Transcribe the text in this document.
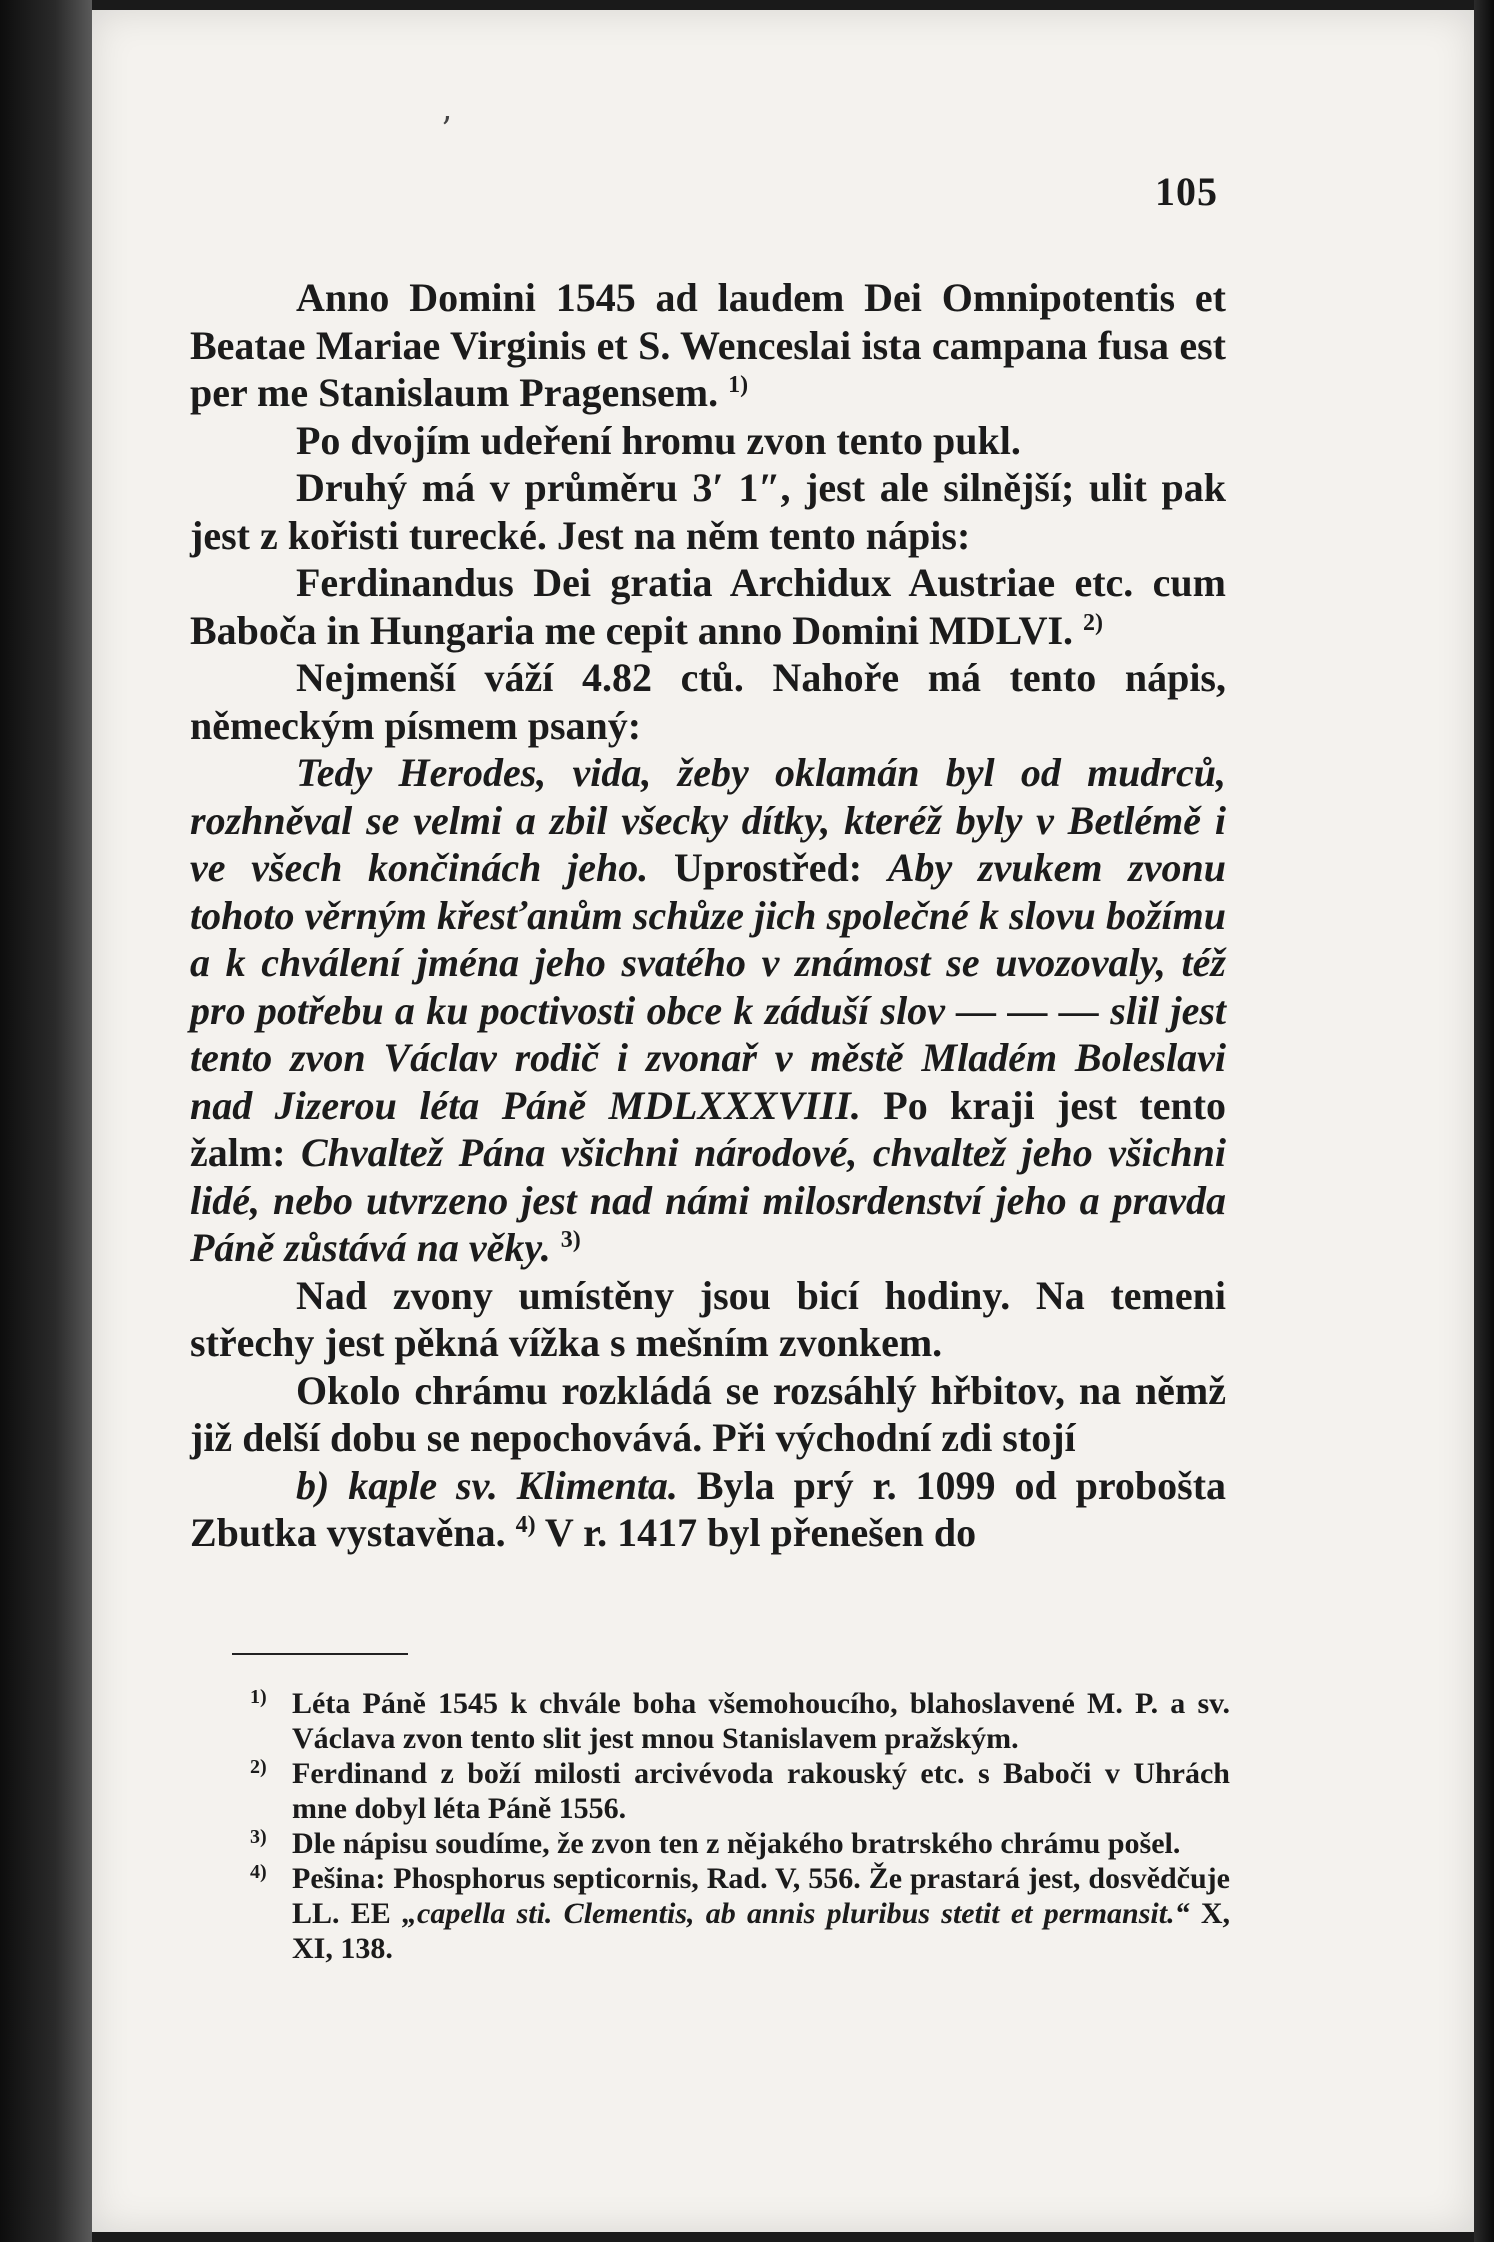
ʼ
105

Anno Domini 1545 ad laudem Dei Omnipotentis et Beatae Mariae Virginis et S. Wenceslai ista campana fusa est per me Stanislaum Pragensem. $^{1)}$

Po dvojím udeření hromu zvon tento pukl.

Druhý má v průměru 3′ 1″, jest ale silnější; ulit pak jest z kořisti turecké. Jest na něm tento nápis:

Ferdinandus Dei gratia Archidux Austriae etc. cum Baboča in Hungaria me cepit anno Domini MDLVI. $^{2)}$

Nejmenší váží 4.82 ctů. Nahoře má tento nápis, německým písmem psaný:

Tedy Herodes, vida, žeby oklamán byl od mudrců, rozhněval se velmi a zbil všecky dítky, kteréž byly v Betlémě i ve všech končinách jeho. Uprostřed: Aby zvukem zvonu tohoto věrným křesťanům schůze jich společné k slovu božímu a k chválení jména jeho svatého v známost se uvozovaly, též pro potřebu a ku poctivosti obce k záduší slov — — — slil jest tento zvon Václav rodič i zvonař v městě Mladém Boleslavi nad Jizerou léta Páně MDLXXXVIII. Po kraji jest tento žalm: Chvaltež Pána všichni národové, chvaltež jeho všichni lidé, nebo utvrzeno jest nad námi milosrdenství jeho a pravda Páně zůstává na věky. $^{3)}$

Nad zvony umístěny jsou bicí hodiny. Na temeni střechy jest pěkná vížka s mešním zvonkem.

Okolo chrámu rozkládá se rozsáhlý hřbitov, na němž již delší dobu se nepochovává. Při východní zdi stojí

b) kaple sv. Klimenta. Byla prý r. 1099 od probošta Zbutka vystavěna. $^{4)}$ V r. 1417 byl přenešen do

$^{1)}$ Léta Páně 1545 k chvále boha všemohoucího, blahoslavené M. P. a sv. Václava zvon tento slit jest mnou Stanislavem pražským.

$^{2)}$ Ferdinand z boží milosti arcivévoda rakouský etc. s Baboči v Uhrách mne dobyl léta Páně 1556.

$^{3)}$ Dle nápisu soudíme, že zvon ten z nějakého bratrského chrámu pošel.

$^{4)}$ Pešina: Phosphorus septicornis, Rad. V, 556. Že prastará jest, dosvědčuje LL. EE „capella sti. Clementis, ab annis pluribus stetit et permansit.“ X, XI, 138.
